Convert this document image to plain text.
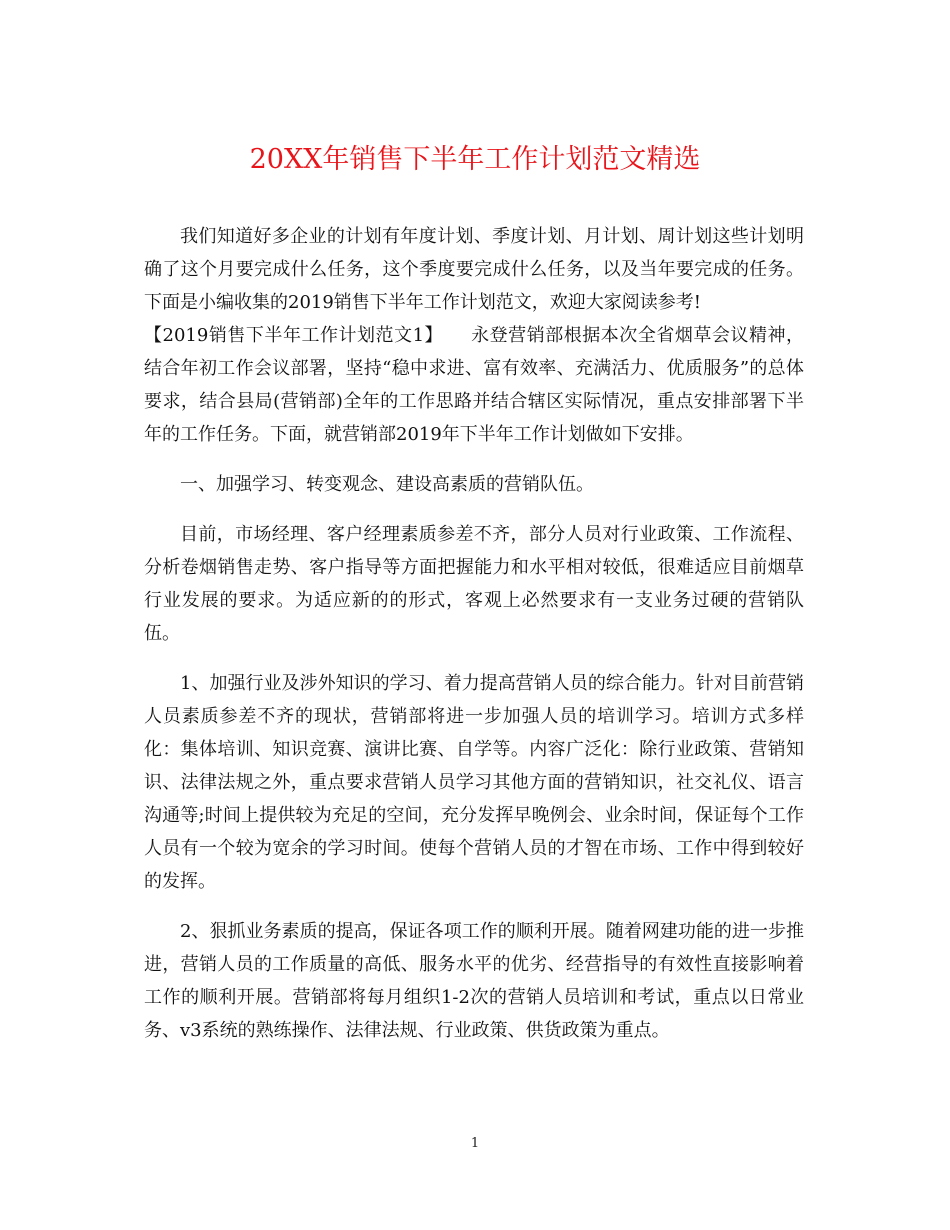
20XX年销售下半年工作计划范文精选

我们知道好多企业的计划有年度计划、季度计划、月计划、周计划这些计划明确了这个月要完成什么任务，这个季度要完成什么任务，以及当年要完成的任务。下面是小编收集的2019销售下半年工作计划范文，欢迎大家阅读参考!

【2019销售下半年工作计划范文1】　　永登营销部根据本次全省烟草会议精神，结合年初工作会议部署，坚持“稳中求进、富有效率、充满活力、优质服务”的总体要求，结合县局(营销部)全年的工作思路并结合辖区实际情况，重点安排部署下半年的工作任务。下面，就营销部2019年下半年工作计划做如下安排。

一、加强学习、转变观念、建设高素质的营销队伍。

目前，市场经理、客户经理素质参差不齐，部分人员对行业政策、工作流程、分析卷烟销售走势、客户指导等方面把握能力和水平相对较低，很难适应目前烟草行业发展的要求。为适应新的的形式，客观上必然要求有一支业务过硬的营销队伍。

1、加强行业及涉外知识的学习、着力提高营销人员的综合能力。针对目前营销人员素质参差不齐的现状，营销部将进一步加强人员的培训学习。培训方式多样化：集体培训、知识竞赛、演讲比赛、自学等。内容广泛化：除行业政策、营销知识、法律法规之外，重点要求营销人员学习其他方面的营销知识，社交礼仪、语言沟通等;时间上提供较为充足的空间，充分发挥早晚例会、业余时间，保证每个工作人员有一个较为宽余的学习时间。使每个营销人员的才智在市场、工作中得到较好的发挥。

2、狠抓业务素质的提高，保证各项工作的顺利开展。随着网建功能的进一步推进，营销人员的工作质量的高低、服务水平的优劣、经营指导的有效性直接影响着工作的顺利开展。营销部将每月组织1-2次的营销人员培训和考试，重点以日常业务、v3系统的熟练操作、法律法规、行业政策、供货政策为重点。

1
